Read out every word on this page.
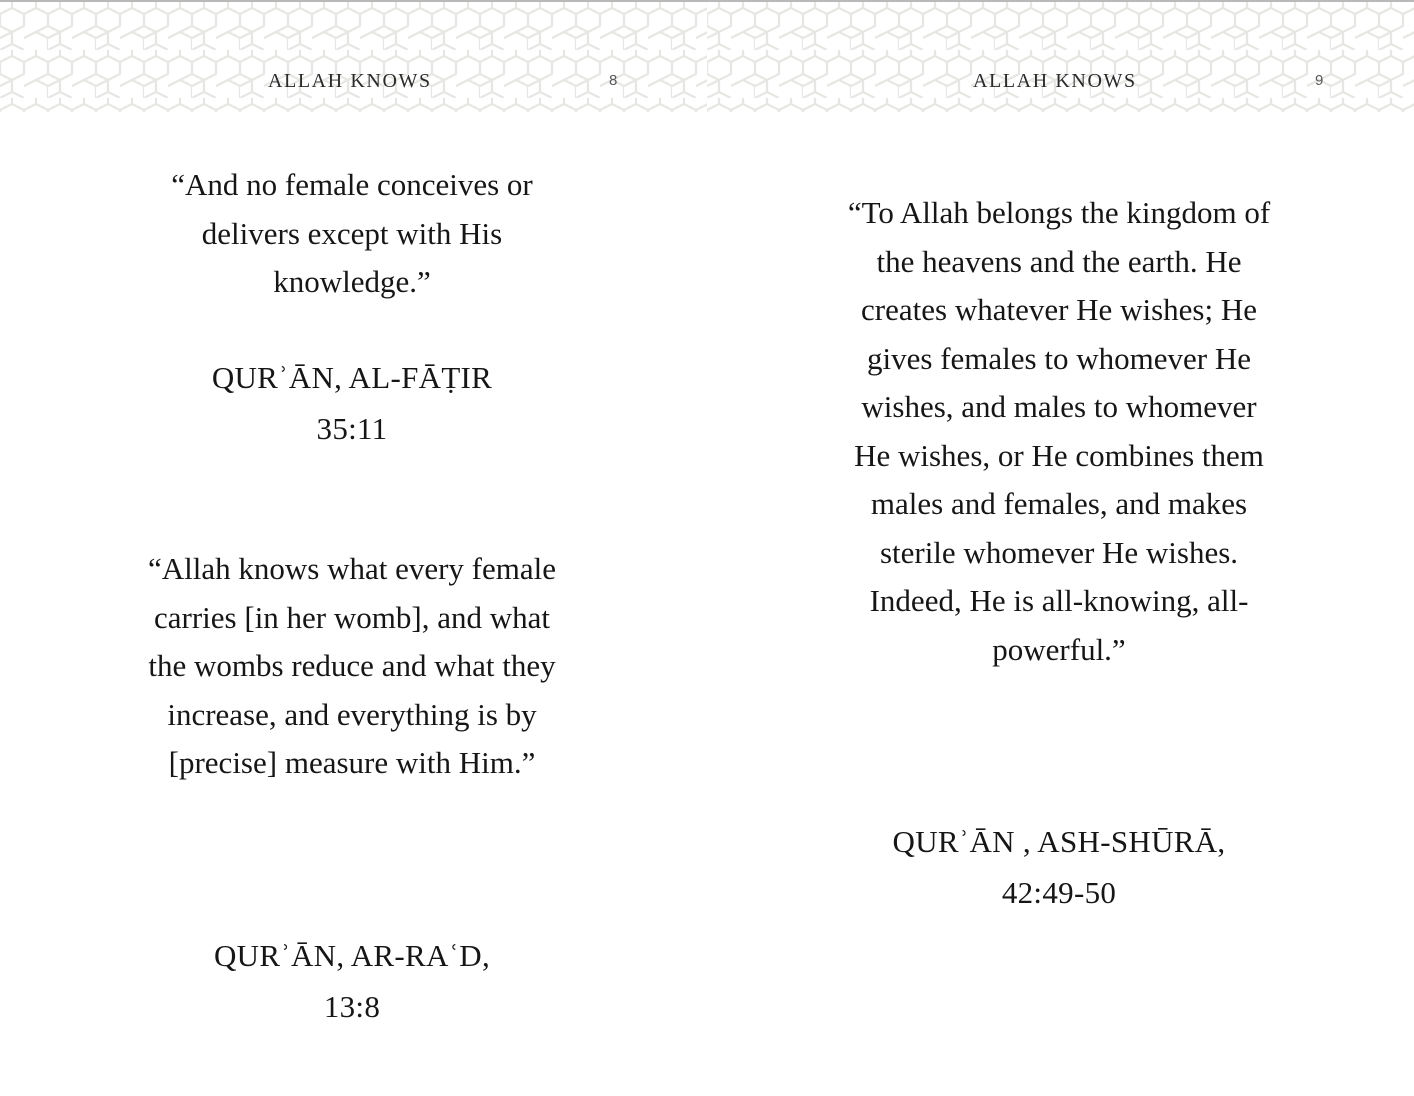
ALLAH KNOWS	8
“And no female conceives or delivers except with His knowledge.”
QURʾĀN, AL-FĀṬIR
35:11
“Allah knows what every female carries [in her womb], and what the wombs reduce and what they increase, and everything is by [precise] measure with Him.”
QURʾĀN, AR-RAʿD,
13:8
ALLAH KNOWS	9
“To Allah belongs the kingdom of the heavens and the earth. He creates whatever He wishes; He gives females to whomever He wishes, and males to whomever He wishes, or He combines them males and females, and makes sterile whomever He wishes. Indeed, He is all-knowing, all-powerful.”
QURʾĀN , ASH-SHŪRĀ,
42:49-50
